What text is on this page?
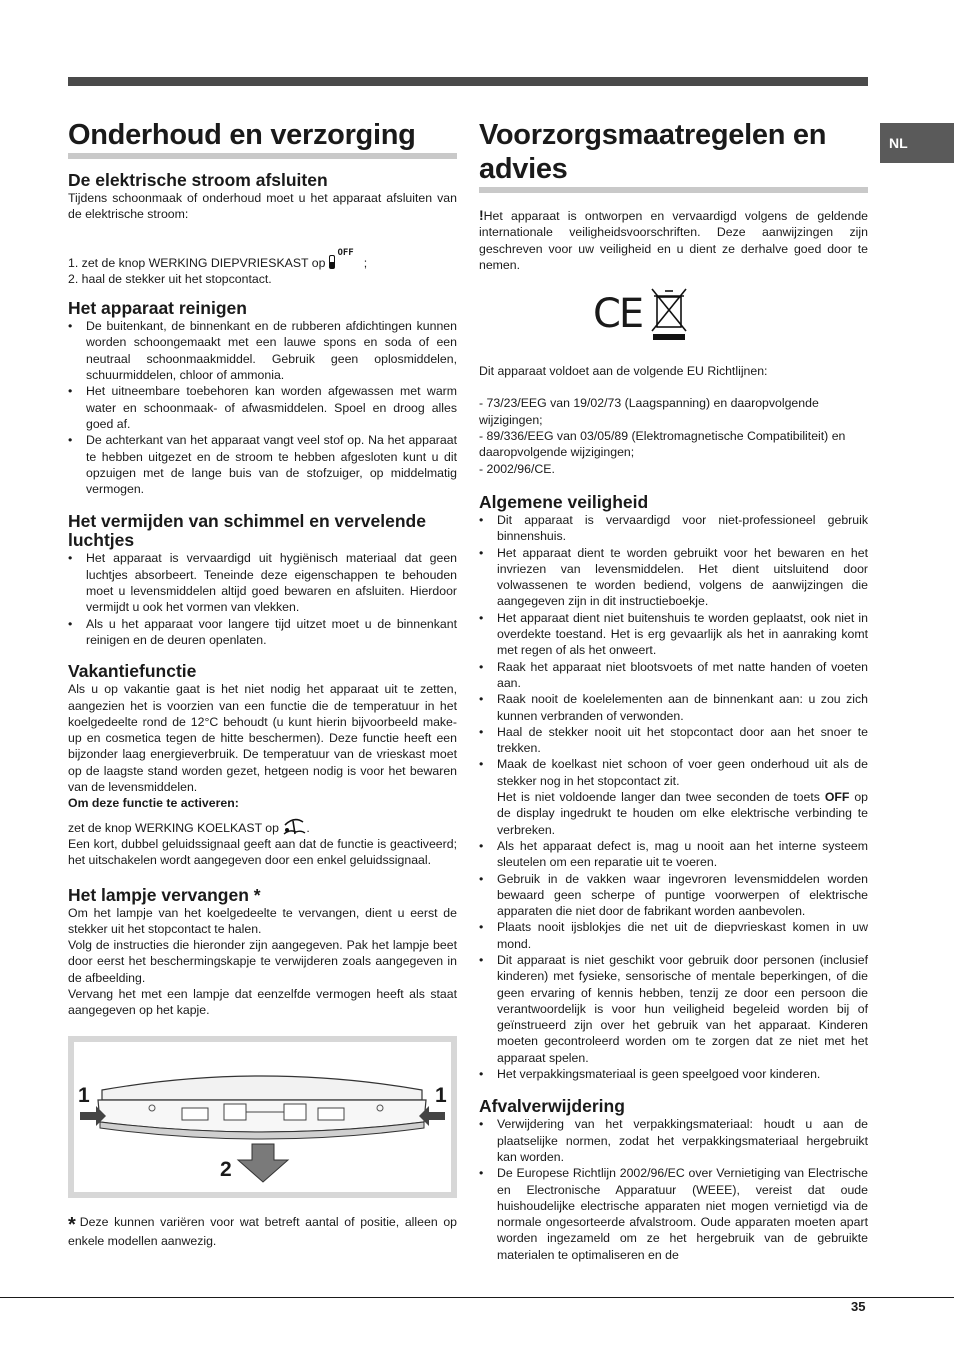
NL
Onderhoud en verzorging
De elektrische stroom afsluiten

Tijdens schoonmaak of onderhoud moet u het apparaat afsluiten van de elektrische stroom:

1. zet de knop WERKING DIEPVRIESKAST $op^{OFF}$;
2. haal de stekker uit het stopcontact.
Het apparaat reinigen
• De buitenkant, de binnenkant en de rubberen afdichtingen kunnen worden schoongemaakt met een lauwe spons en soda of een neutraal schoonmaakmiddel. Gebruik geen oplosmiddelen, schuurmiddelen, chloor of ammonia.
• Het uitneembare toebehoren kan worden afgewassen met warm water en schoonmaak- of afwasmiddelen. Spoel en droog alles goed af.
• De achterkant van het apparaat vangt veel stof op. Na het apparaat te hebben uitgezet en de stroom te hebben afgesloten kunt u dit opzuigen met de lange buis van de stofzuiger, op middelmatig vermogen.
Het vermijden van schimmel en vervelende luchtjes
• Het apparaat is vervaardigd uit hygiënisch materiaal dat geen luchtjes absorbeert. Teneinde deze eigenschappen te behouden moet u levensmiddelen altijd goed bewaren en afsluiten. Hierdoor vermijdt u ook het vormen van vlekken.
• Als u het apparaat voor langere tijd uitzet moet u de binnenkant reinigen en de deuren openlaten.
Vakantiefunctie

Als u op vakantie gaat is het niet nodig het apparaat uit te zetten, aangezien het is voorzien van een functie die de temperatuur in het koelgedeelte rond de 12°C behoudt (u kunt hierin bijvoorbeeld make-up en cosmetica tegen de hitte beschermen). Deze functie heeft een bijzonder laag energieverbruik. De temperatuur van de vrieskast moet op de laagste stand worden gezet, hetgeen nodig is voor het bewaren van de levensmiddelen.

Om deze functie te activeren:

zet de knop WERKING KOELKAST op .

Een kort, dubbel geluidssignaal geeft aan dat de functie is geactiveerd; het uitschakelen wordt aangegeven door een enkel geluidssignaal.

Het lampje vervangen *

Om het lampje van het koelgedeelte te vervangen, dient u eerst de stekker uit het stopcontact te halen.

Volg de instructies die hieronder zijn aangegeven. Pak het lampje beet door eerst het beschermingskapje te verwijderen zoals aangegeven in de afbeelding.

Vervang het met een lampje dat eenzelfde vermogen heeft als staat aangegeven op het kapje.

1	1
2

* Deze kunnen variëren voor wat betreft aantal of positie, alleen op enkele modellen aanwezig.

Voorzorgsmaatregelen en advies

!Het apparaat is ontworpen en vervaardigd volgens de geldende internationale veiligheidsvoorschriften. Deze aanwijzingen zijn geschreven voor uw veiligheid en u dient ze derhalve goed door te nemen.

CE

Dit apparaat voldoet aan de volgende EU Richtlijnen:

- 73/23/EEG van 19/02/73 (Laagspanning) en daaropvolgende wijzigingen;

- 89/336/EEG van 03/05/89 (Elektromagnetische Compatibiliteit) en daaropvolgende wijzigingen;

- 2002/96/CE.

Algemene veiligheid
• Dit apparaat is vervaardigd voor niet-professioneel gebruik binnenshuis.
• Het apparaat dient te worden gebruikt voor het bewaren en het invriezen van levensmiddelen. Het dient uitsluitend door volwassenen te worden bediend, volgens de aanwijzingen die aangegeven zijn in dit instructieboekje.
• Het apparaat dient niet buitenshuis te worden geplaatst, ook niet in overdekte toestand. Het is erg gevaarlijk als het in aanraking komt met regen of als het onweert.
• Raak het apparaat niet blootsvoets of met natte handen of voeten aan.
• Raak nooit de koelelementen aan de binnenkant aan: u zou zich kunnen verbranden of verwonden.
• Haal de stekker nooit uit het stopcontact door aan het snoer te trekken.
• Maak de koelkast niet schoon of voer geen onderhoud uit als de stekker nog in het stopcontact zit.
Het is niet voldoende langer dan twee seconden de toets OFF op de display ingedrukt te houden om elke elektrische verbinding te verbreken.
• Als het apparaat defect is, mag u nooit aan het interne systeem sleutelen om een reparatie uit te voeren.
• Gebruik in de vakken waar ingevroren levensmiddelen worden bewaard geen scherpe of puntige voorwerpen of elektrische apparaten die niet door de fabrikant worden aanbevolen.
• Plaats nooit ijsblokjes die net uit de diepvrieskast komen in uw mond.
• Dit apparaat is niet geschikt voor gebruik door personen (inclusief kinderen) met fysieke, sensorische of mentale beperkingen, of die geen ervaring of kennis hebben, tenzij ze door een persoon die verantwoordelijk is voor hun veiligheid begeleid worden bij of geïnstrueerd zijn over het gebruik van het apparaat. Kinderen moeten gecontroleerd worden om te zorgen dat ze niet met het apparaat spelen.
• Het verpakkingsmateriaal is geen speelgoed voor kinderen.
Afvalverwijdering
• Verwijdering van het verpakkingsmateriaal: houdt u aan de plaatselijke normen, zodat het verpakkingsmateriaal hergebruikt kan worden.
• De Europese Richtlijn 2002/96/EC over Vernietiging van Electrische en Electronische Apparatuur (WEEE), vereist dat oude huishoudelijke electrische apparaten niet mogen vernietigd via de normale ongesorteerde afvalstroom. Oude apparaten moeten apart worden ingezameld om ze het hergebruik van de gebruikte materialen te optimaliseren en de
35
